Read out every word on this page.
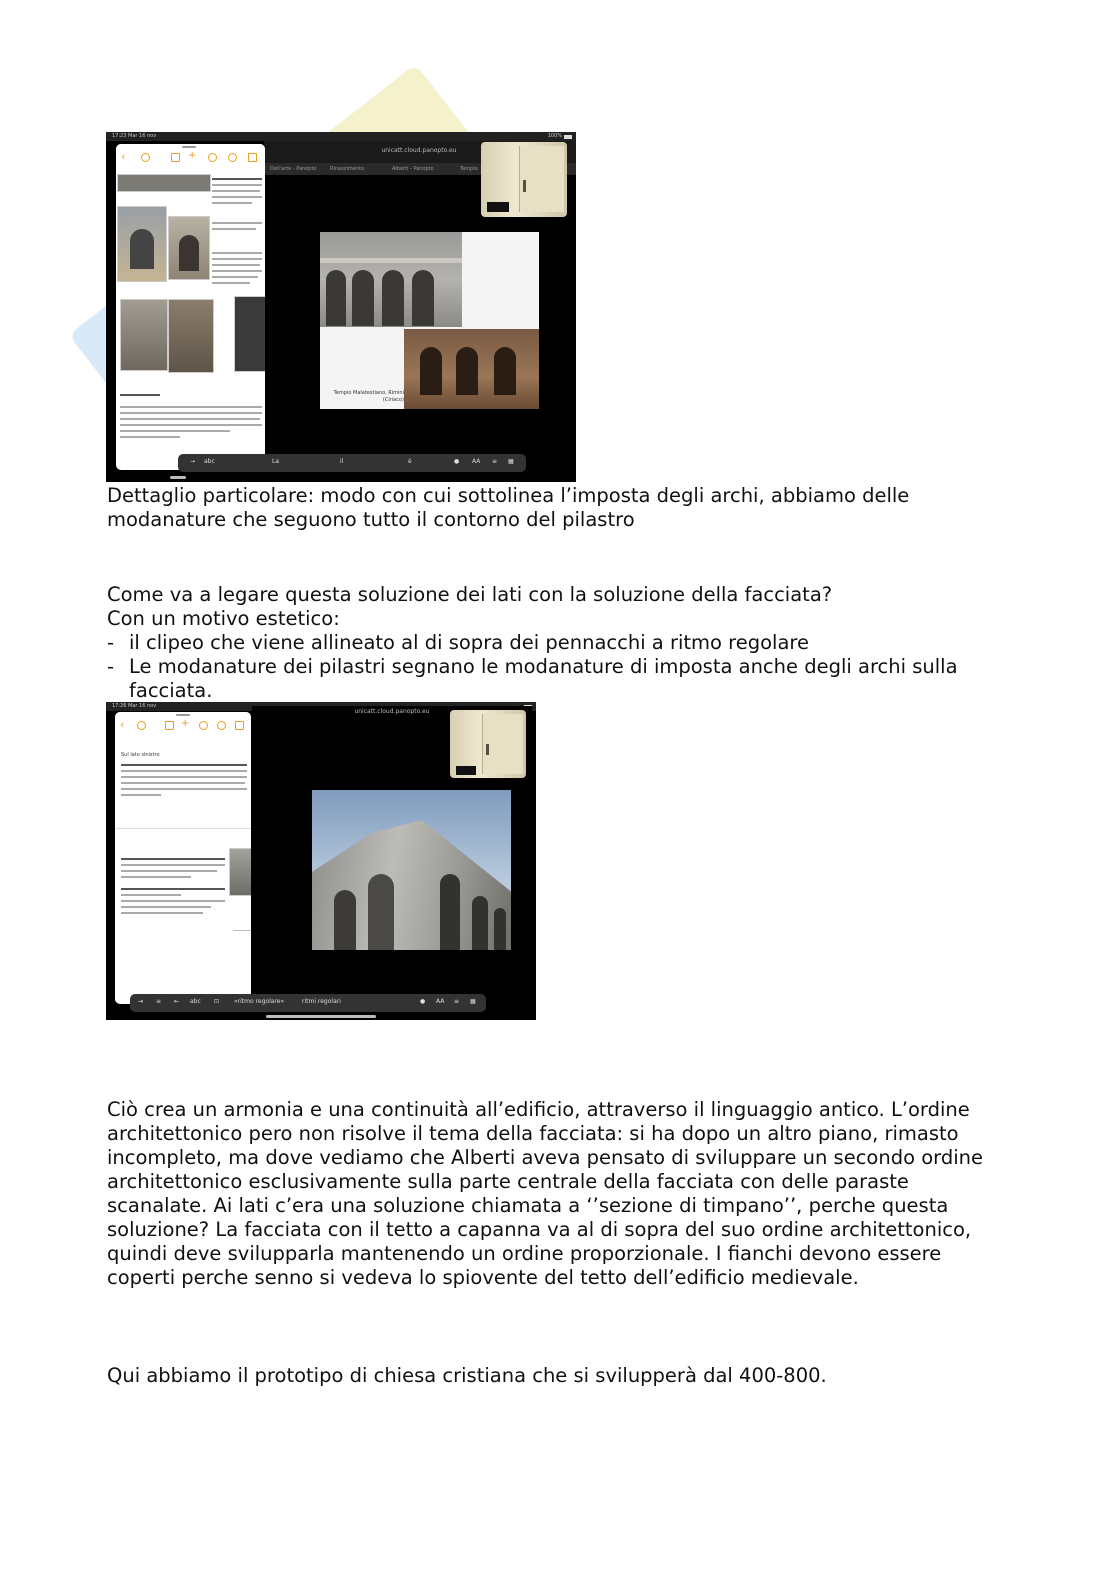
17:23 Mar 16 nov	100%
unicatt.cloud.panopto.eu
Dell'arte - Panopto	Rinascimento	Alberti - Panopto	Tempio
Tempio Malatestiano, Rimini
(Ciriaco)
‹	+
→ abc	La	il	è	AA
●	≡ ▦

Dettaglio particolare: modo con cui sottolinea l’imposta degli archi, abbiamo delle modanature che seguono tutto il contorno del pilastro

Come va a legare questa soluzione dei lati con la soluzione della facciata?

Con un motivo estetico:

- il clipeo che viene allineato al di sopra dei pennacchi a ritmo regolare
- Le modanature dei pilastri segnano le modanature di imposta anche degli archi sulla facciata.
17:26 Mar 16 nov
unicatt.cloud.panopto.eu
‹	+
Sul lato sinistro
⇥ ≡ ⇤ abc ⊡ «ritmo regolare»	ritmi regolari	● AA ≡ ▦

Ciò crea un armonia e una continuità all’edificio, attraverso il linguaggio antico. L’ordine architettonico pero non risolve il tema della facciata: si ha dopo un altro piano, rimasto incompleto, ma dove vediamo che Alberti aveva pensato di sviluppare un secondo ordine architettonico esclusivamente sulla parte centrale della facciata con delle paraste scanalate. Ai lati c’era una soluzione chiamata a ‘’sezione di timpano’’, perche questa soluzione? La facciata con il tetto a capanna va al di sopra del suo ordine architettonico, quindi deve svilupparla mantenendo un ordine proporzionale. I fianchi devono essere coperti perche senno si vedeva lo spiovente del tetto dell’edificio medievale.

Qui abbiamo il prototipo di chiesa cristiana che si svilupperà dal 400-800.
